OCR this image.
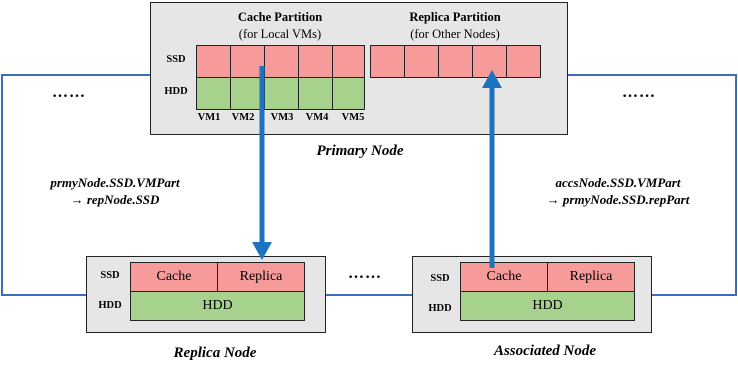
Cache Partition
(for Local VMs)
Replica Partition
(for Other Nodes)
SSD
HDD
VM1	VM2	VM3	VM4	VM5
Primary Node
prmyNode.SSD.VMPart
→ repNode.SSD
accsNode.SSD.VMPart
→ prmyNode.SSD.repPart
……	……
……
SSD
HDD
Cache	Replica
HDD
Replica Node
SSD
HDD
Cache	Replica
HDD
Associated Node
